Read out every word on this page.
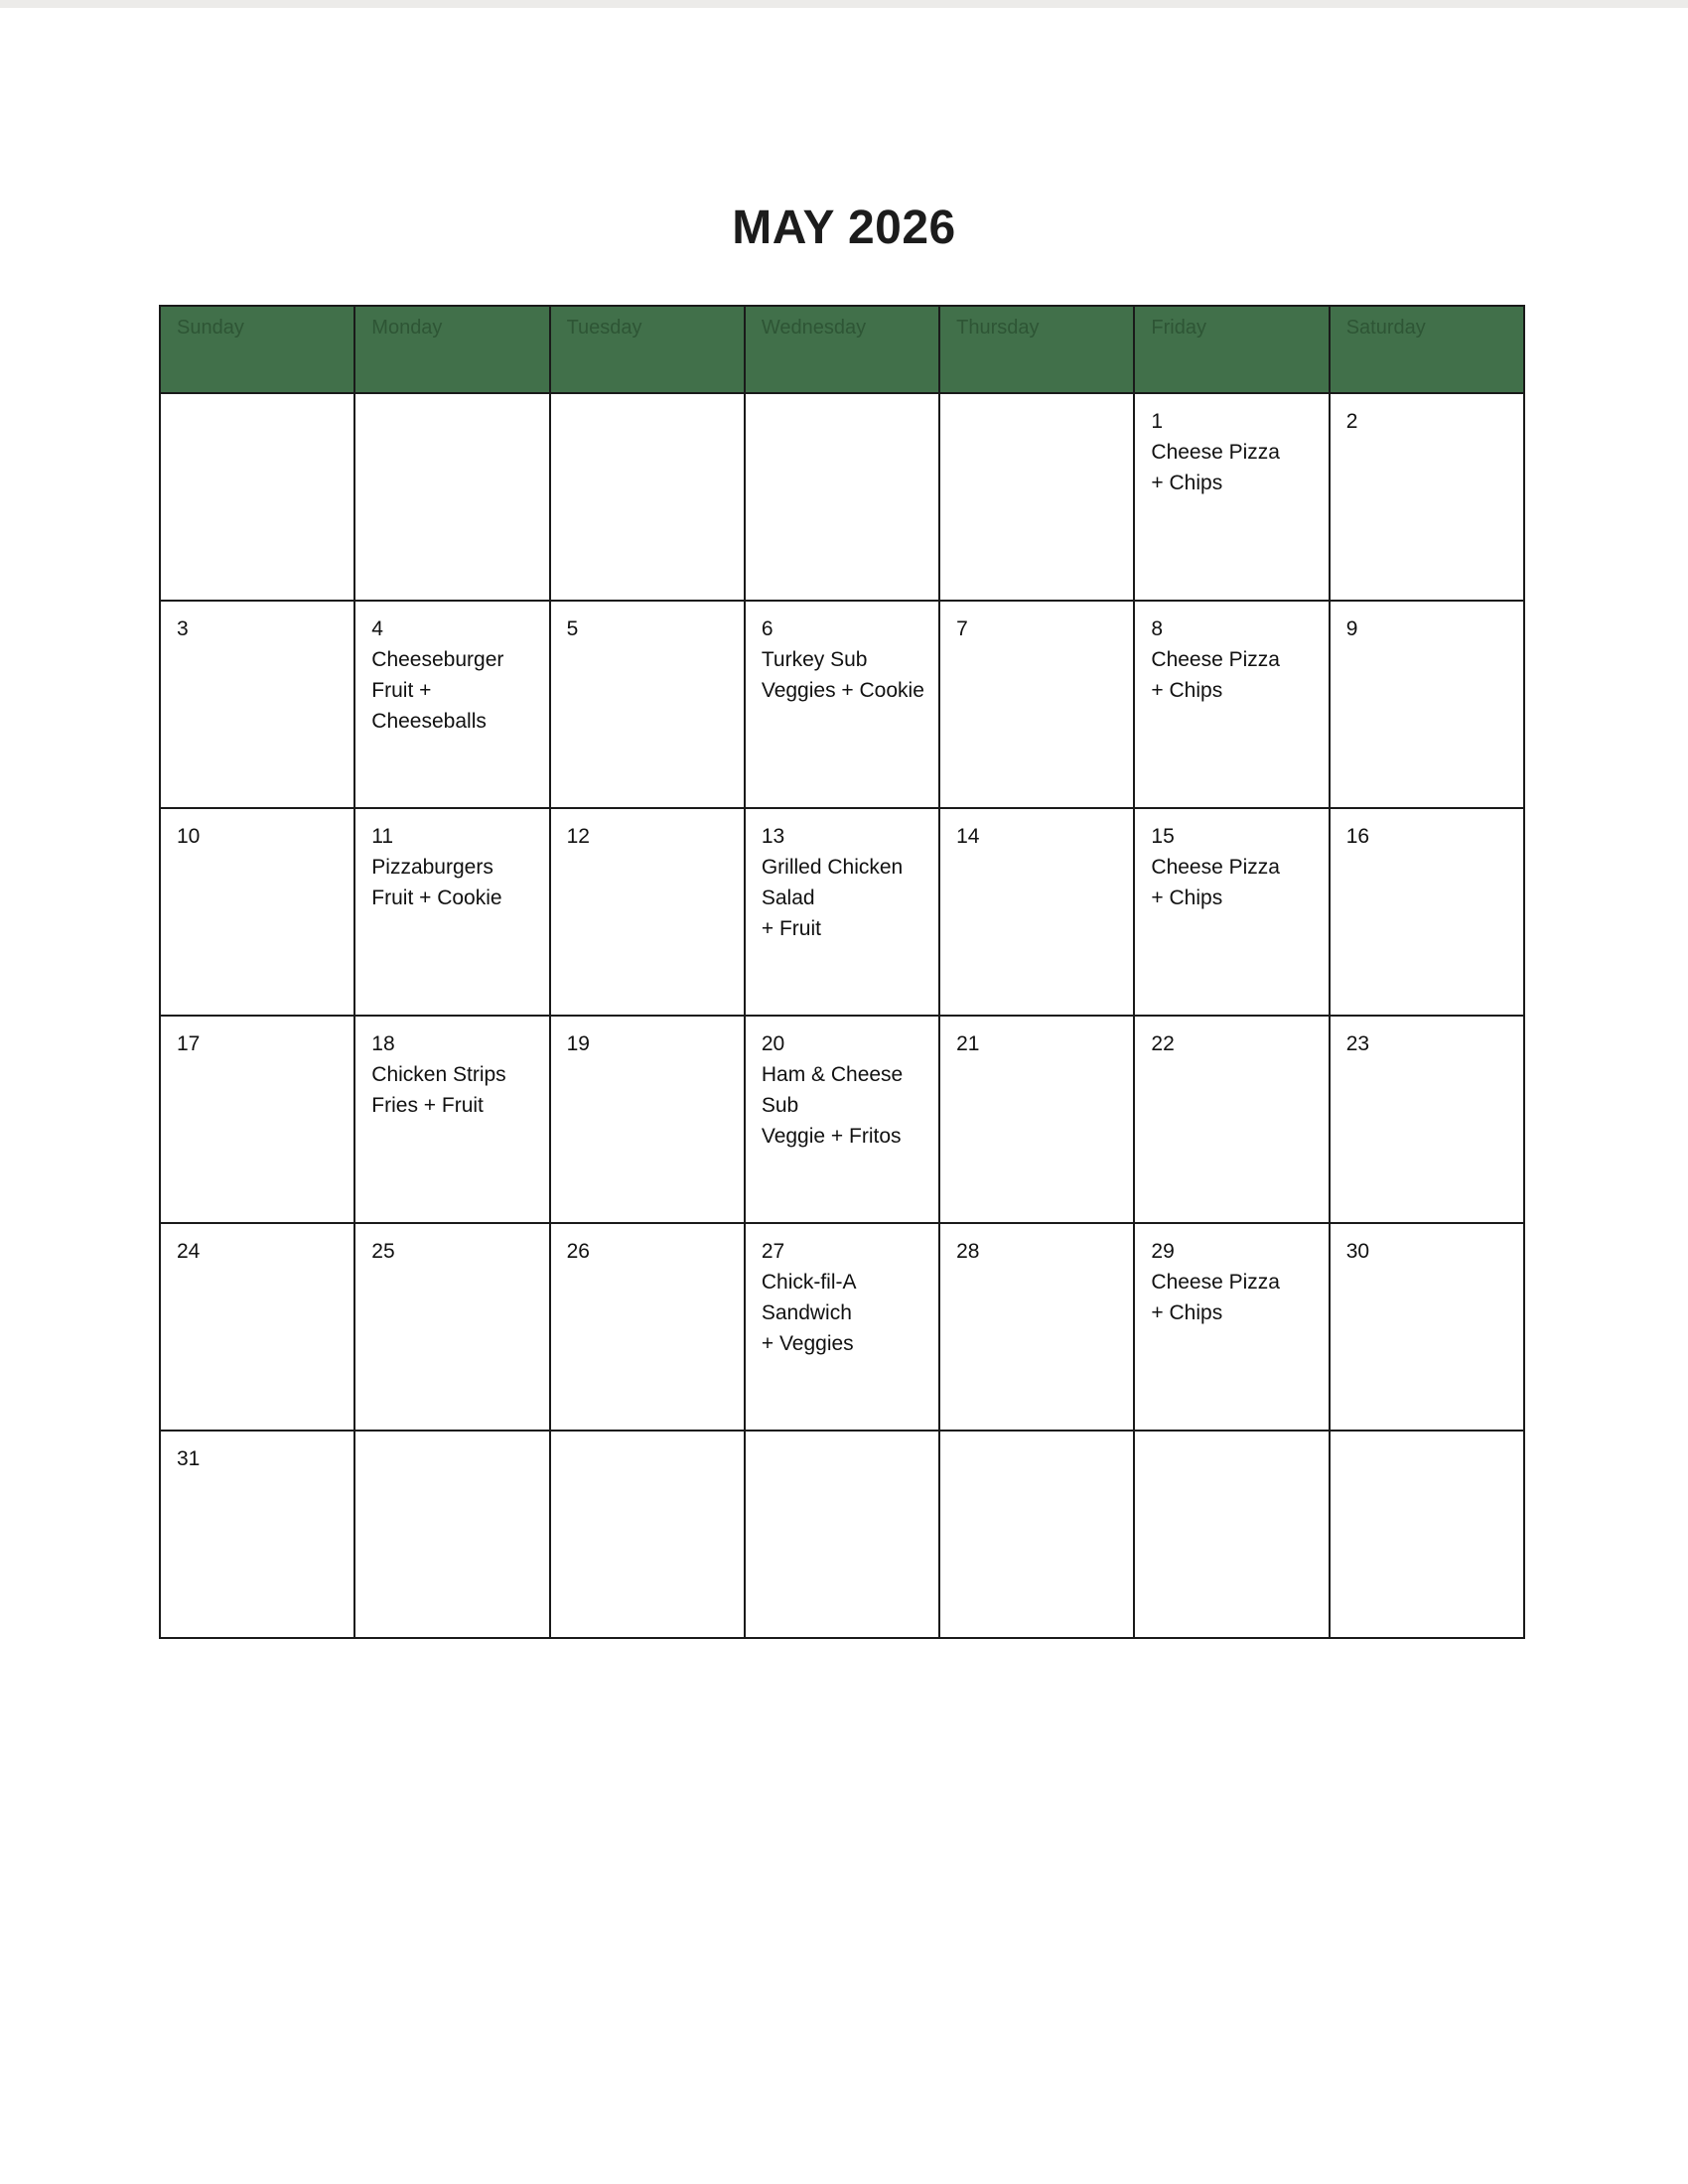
MAY 2026
Sunday	Monday	Tuesday	Wednesday	Thursday	Friday	Saturday

					1
Cheese Pizza
+ Chips	2

3	4
Cheeseburger
Fruit +
Cheeseballs	5	6
Turkey Sub
Veggies + Cookie	7	8
Cheese Pizza
+ Chips	9

10	11
Pizzaburgers
Fruit + Cookie	12	13
Grilled Chicken
Salad
+ Fruit	14	15
Cheese Pizza
+ Chips	16

17	18
Chicken Strips
Fries + Fruit	19	20
Ham & Cheese
Sub
Veggie + Fritos	21	22	23

24	25	26	27
Chick-fil-A
Sandwich
+ Veggies	28	29
Cheese Pizza
+ Chips	30

31						
